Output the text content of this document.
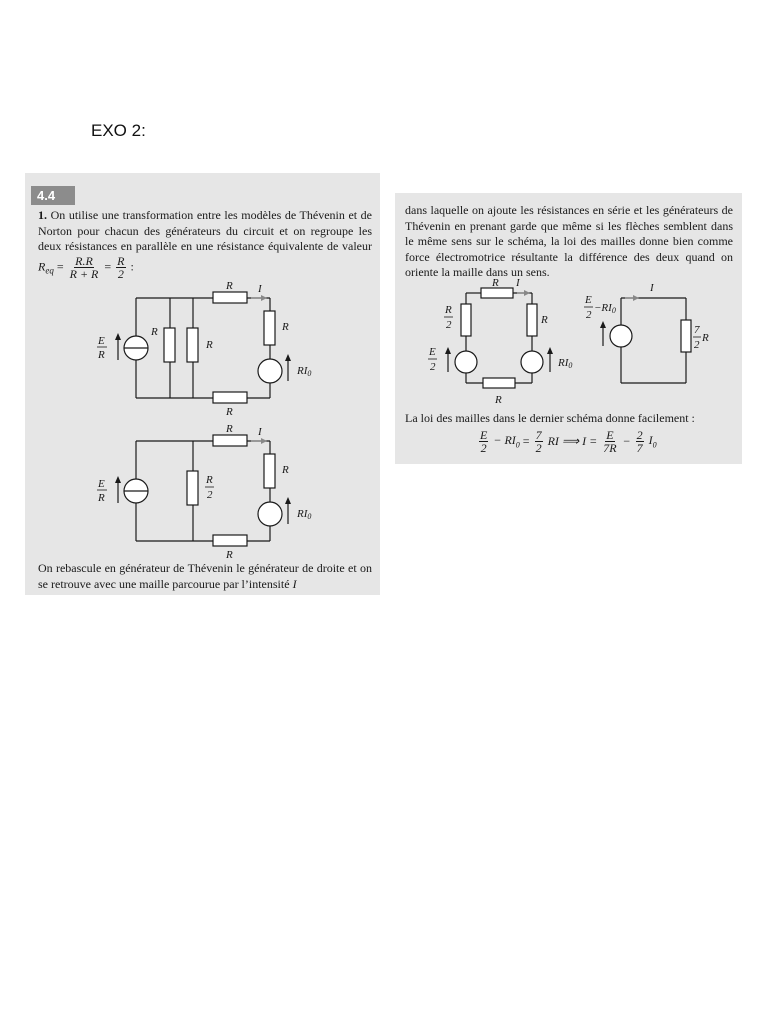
EXO 2:
4.4

1. On utilise une transformation entre les modèles de Thévenin et de Norton pour chacun des générateurs du circuit et on regroupe les deux résistances en parallèle en une résistance équivalente de valeur $R_{eq} = \frac{R.R}{R + R} = \frac{R}{2}$ :

E
R
R
R
R I
R
RI0
R
E
R
R
2
R I
R
RI0
R

On rebascule en générateur de Thévenin le générateur de droite et on se retrouve avec une maille parcourue par l’intensité I

dans laquelle on ajoute les résistances en série et les générateurs de Thévenin en prenant garde que même si les flèches semblent dans le même sens sur le schéma, la loi des mailles donne bien comme force électromotrice résultante la différence des deux quand on oriente la maille dans un sens.

R
2
E
2
R I
R
RI0
R
E
2
−RI0
I
7
2
R

La loi des mailles dans le dernier schéma donne facilement :

$\frac{E}{2} - RI_0 = \frac{7}{2}$ RI ⟹ $I = \frac{E}{7R} - \frac{2}{7} I_0$
